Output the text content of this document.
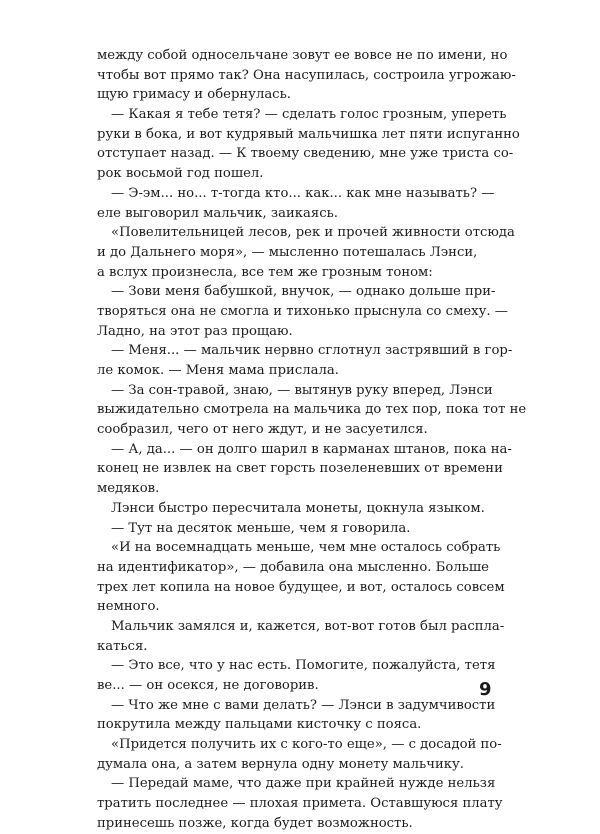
между собой односельчане зовут ее вовсе не по имени, но
чтобы вот прямо так? Она насупилась, состроила угрожаю-
щую гримасу и обернулась.
— Какая я тебе тетя? — сделать голос грозным, упереть
руки в бока, и вот кудрявый мальчишка лет пяти испуганно
отступает назад. — К твоему сведению, мне уже триста со-
рок восьмой год пошел.
— Э-эм... но... т-тогда кто... как... как мне называть? —
еле выговорил мальчик, заикаясь.
«Повелительницей лесов, рек и прочей живности отсюда
и до Дальнего моря», — мысленно потешалась Лэнси,
а вслух произнесла, все тем же грозным тоном:
— Зови меня бабушкой, внучок, — однако дольше при-
творяться она не смогла и тихонько прыснула со смеху. —
Ладно, на этот раз прощаю.
— Меня... — мальчик нервно сглотнул застрявший в гор-
ле комок. — Меня мама прислала.
— За сон-травой, знаю, — вытянув руку вперед, Лэнси
выжидательно смотрела на мальчика до тех пор, пока тот не
сообразил, чего от него ждут, и не засуетился.
— А, да... — он долго шарил в карманах штанов, пока на-
конец не извлек на свет горсть позеленевших от времени
медяков.
Лэнси быстро пересчитала монеты, цокнула языком.
— Тут на десяток меньше, чем я говорила.
«И на восемнадцать меньше, чем мне осталось собрать
на идентификатор», — добавила она мысленно. Больше
трех лет копила на новое будущее, и вот, осталось совсем
немного.
Мальчик замялся и, кажется, вот-вот готов был распла-
каться.
— Это все, что у нас есть. Помогите, пожалуйста, тетя
ве... — он осекся, не договорив.
— Что же мне с вами делать? — Лэнси в задумчивости
покрутила между пальцами кисточку с пояса.
«Придется получить их с кого-то еще», — с досадой по-
думала она, а затем вернула одну монету мальчику.
— Передай маме, что даже при крайней нужде нельзя
тратить последнее — плохая примета. Оставшуюся плату
принесешь позже, когда будет возможность.
9
